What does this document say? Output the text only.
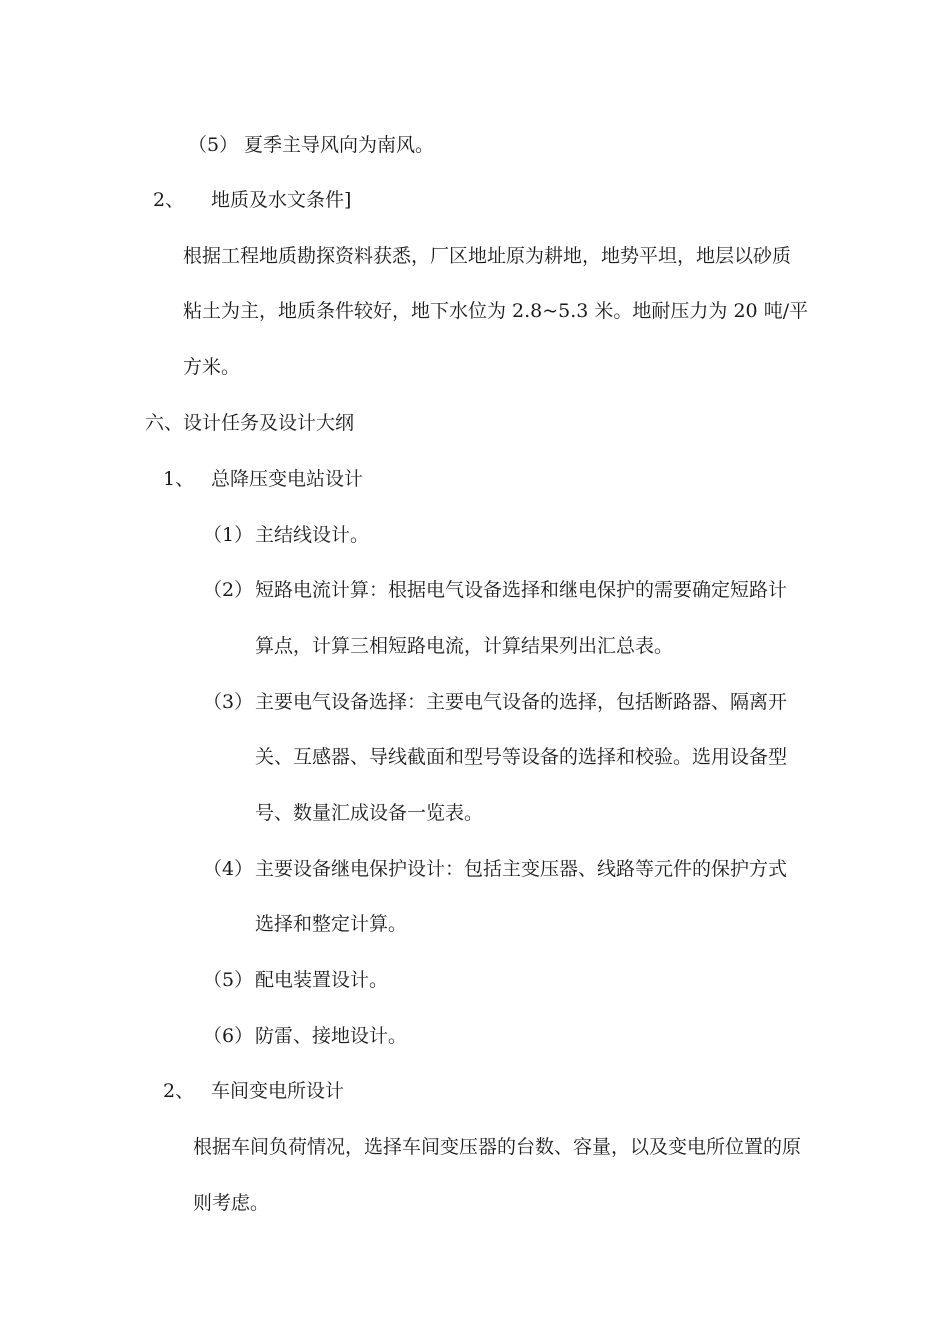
（5） 夏季主导风向为南风。
2、 地质及水文条件]
根据工程地质勘探资料获悉，厂区地址原为耕地，地势平坦，地层以砂质
粘土为主，地质条件较好，地下水位为 2.8~5.3 米。地耐压力为 20 吨/平
方米。
六、设计任务及设计大纲
1、 总降压变电站设计
（1） 主结线设计。
（2） 短路电流计算：根据电气设备选择和继电保护的需要确定短路计
算点，计算三相短路电流，计算结果列出汇总表。
（3） 主要电气设备选择：主要电气设备的选择，包括断路器、隔离开
关、互感器、导线截面和型号等设备的选择和校验。选用设备型
号、数量汇成设备一览表。
（4） 主要设备继电保护设计：包括主变压器、线路等元件的保护方式
选择和整定计算。
（5） 配电装置设计。
（6） 防雷、接地设计。
2、 车间变电所设计
根据车间负荷情况，选择车间变压器的台数、容量，以及变电所位置的原
则考虑。
